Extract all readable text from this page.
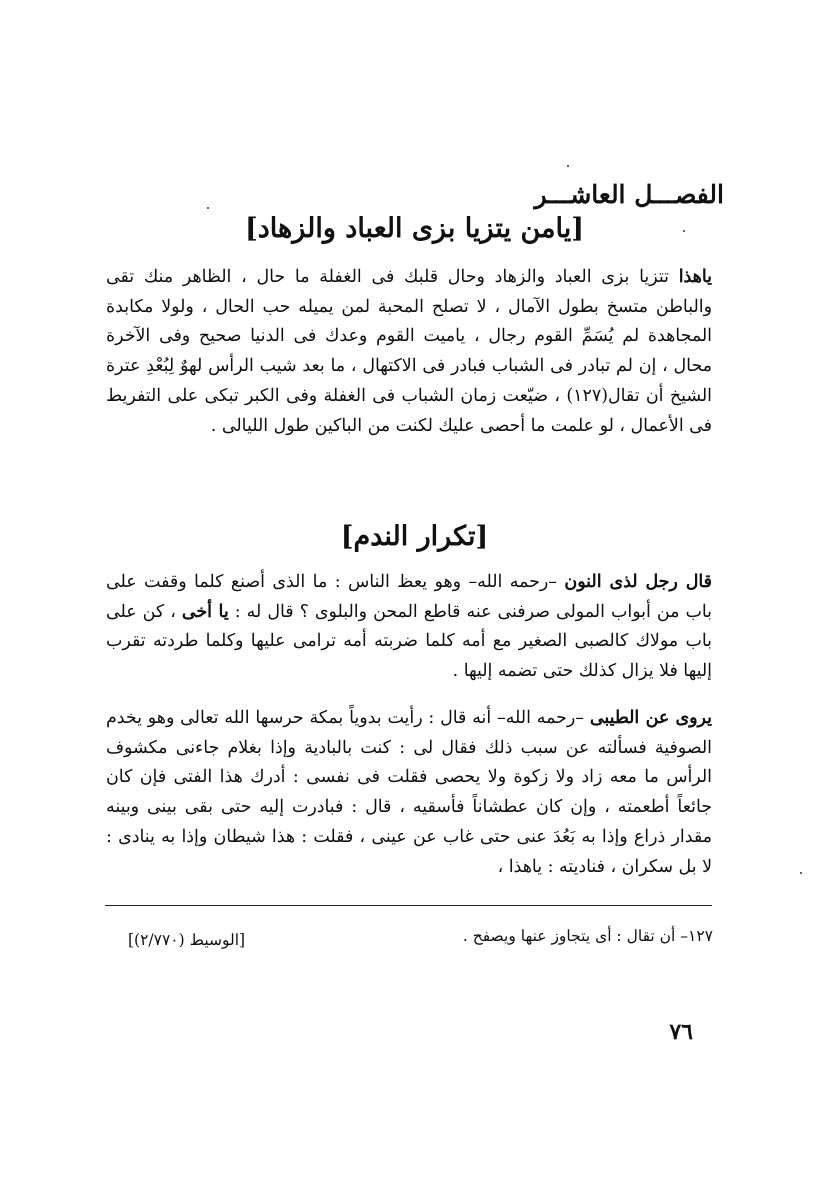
الفصـــل العاشـــر
[يامن يتزيا بزى العباد والزهاد]
ياهذا تتزيا بزى العباد والزهاد وحال قلبك فى الغفلة ما حال ، الظاهر منك تقى والباطن متسخ بطول الآمال ، لا تصلح المحبة لمن يميله حب الحال ، ولولا مكابدة المجاهدة لم يُسَمِّ القوم رجال ، ياميت القوم وعدك فى الدنيا صحيح وفى الآخرة محال ، إن لم تبادر فى الشباب فبادر فى الاكتهال ، ما بعد شيب الرأس لهوٌ لِبُعْدِ عترة الشيخ أن تقال(١٢٧) ، ضيّعت زمان الشباب فى الغفلة وفى الكبر تبكى على التفريط فى الأعمال ، لو علمت ما أحصى عليك لكنت من الباكين طول الليالى .
[تكرار الندم]
قال رجل لذى النون –رحمه الله– وهو يعظ الناس : ما الذى أصنع كلما وقفت على باب من أبواب المولى صرفنى عنه قاطع المحن والبلوى ؟ قال له : يا أخى ، كن على باب مولاك كالصبى الصغير مع أمه كلما ضربته أمه ترامى عليها وكلما طردته تقرب إليها فلا يزال كذلك حتى تضمه إليها .
يروى عن الطيبى –رحمه الله– أنه قال : رأيت بدوياً بمكة حرسها الله تعالى وهو يخدم الصوفية فسألته عن سبب ذلك فقال لى : كنت بالبادية وإذا بغلام جاءنى مكشوف الرأس ما معه زاد ولا زكوة ولا يحصى فقلت فى نفسى : أدرك هذا الفتى فإن كان جائعاً أطعمته ، وإن كان عطشاناً فأسقيه ، قال : فبادرت إليه حتى بقى بينى وبينه مقدار ذراع وإذا به بَعُدَ عنى حتى غاب عن عينى ، فقلت : هذا شيطان وإذا به ينادى : لا بل سكران ، فناديته : ياهذا ،
١٢٧– أن تقال : أى يتجاوز عنها ويصفح .
[الوسيط (٢/٧٧٠)]
٧٦
